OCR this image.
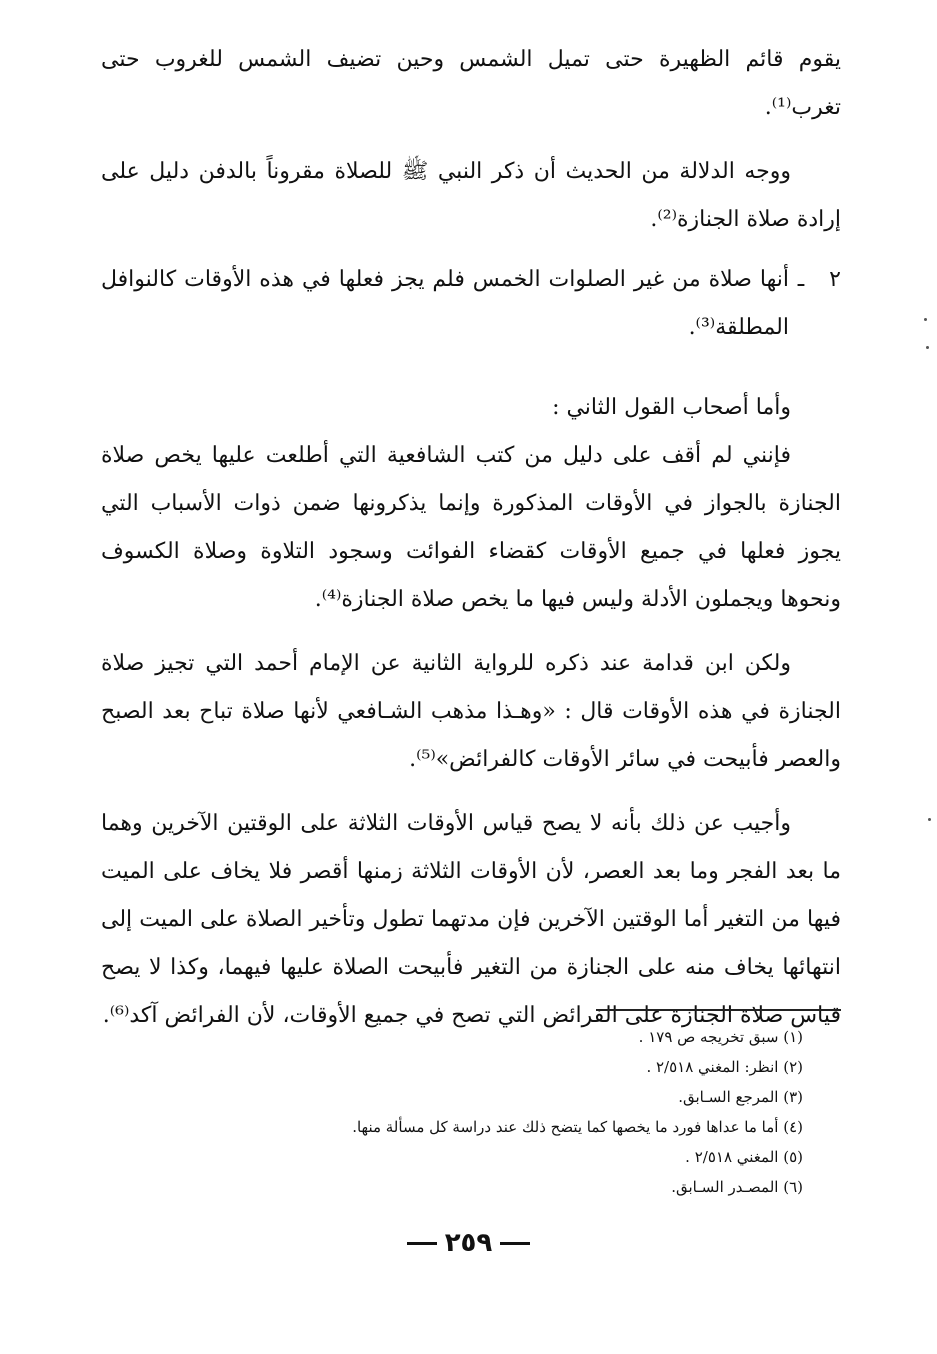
يقوم قائم الظهيرة حتى تميل الشمس وحين تضيف الشمس للغروب حتى تغرب⁽¹⁾.

ووجه الدلالة من الحديث أن ذكر النبي ﷺ للصلاة مقروناً بالدفن دليل على إرادة صلاة الجنازة⁽²⁾.

٢
ـ
أنها صلاة من غير الصلوات الخمس فلم يجز فعلها في هذه الأوقات كالنوافل المطلقة⁽³⁾.

وأما أصحاب القول الثاني :

فإنني لم أقف على دليل من كتب الشافعية التي أطلعت عليها يخص صلاة الجنازة بالجواز في الأوقات المذكورة وإنما يذكرونها ضمن ذوات الأسباب التي يجوز فعلها في جميع الأوقات كقضاء الفوائت وسجود التلاوة وصلاة الكسوف ونحوها ويجملون الأدلة وليس فيها ما يخص صلاة الجنازة⁽⁴⁾.

ولكن ابن قدامة عند ذكره للرواية الثانية عن الإمام أحمد التي تجيز صلاة الجنازة في هذه الأوقات قال : «وهـذا مذهب الشـافعي لأنها صلاة تباح بعد الصبح والعصر فأبيحت في سائر الأوقات كالفرائض»⁽⁵⁾.

وأجيب عن ذلك بأنه لا يصح قياس الأوقات الثلاثة على الوقتين الآخرين وهما ما بعد الفجر وما بعد العصر، لأن الأوقات الثلاثة زمنها أقصر فلا يخاف على الميت فيها من التغير أما الوقتين الآخرين فإن مدتهما تطول وتأخير الصلاة على الميت إلى انتهائها يخاف منه على الجنازة من التغير فأبيحت الصلاة عليها فيهما، وكذا لا يصح قياس صلاة الجنازة على الفرائض التي تصح في جميع الأوقات، لأن الفرائض آكد⁽⁶⁾.

(١) سبق تخريجه ص ١٧٩ .
(٢) انظر: المغني ٢/٥١٨ .
(٣) المرجع السـابق.
(٤) أما ما عداها فورد ما يخصها كما يتضح ذلك عند دراسة كل مسألة منها.
(٥) المغني ٢/٥١٨ .
(٦) المصـدر السـابق.
٢٥٩
